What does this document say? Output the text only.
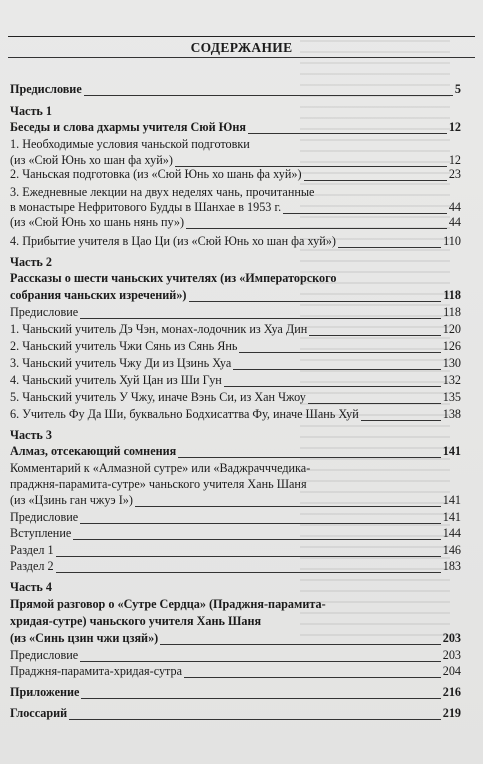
СОДЕРЖАНИЕ
Предисловие	5
Часть 1
Беседы и слова дхармы учителя Сюй Юня	12
1. Необходимые условия чаньской подготовки
(из «Сюй Юнь хо шан фа хуй»)	12
2. Чаньская подготовка (из «Сюй Юнь хо шань фа хуй»)	23
3. Ежедневные лекции на двух неделях чань, прочитанные
в монастыре Нефритового Будды в Шанхае в 1953 г.	44
(из «Сюй Юнь хо шань нянь пу»)	44
4. Прибытие учителя в Цао Ци (из «Сюй Юнь хо шан фа хуй»)	110
Часть 2
Рассказы о шести чаньских учителях (из «Императорского
собрания чаньских изречений»)	118
Предисловие	118
1. Чаньский учитель Дэ Чэн, монах-лодочник из Хуа Дин	120
2. Чаньский учитель Чжи Сянь из Сянь Янь	126
3. Чаньский учитель Чжу Ди из Цзинь Хуа	130
4. Чаньский учитель Хуй Цан из Ши Гун	132
5. Чаньский учитель У Чжу, иначе Вэнь Си, из Хан Чжоу	135
6. Учитель Фу Да Ши, буквально Бодхисаттва Фу, иначе Шань Хуй	138
Часть 3
Алмаз, отсекающий сомнения	141
Комментарий к «Алмазной сутре» или «Ваджрачччедика-
праджня-парамита-сутре» чаньского учителя Хань Шаня
(из «Цзинь ган чжуэ I»)	141
Предисловие	141
Вступление	144
Раздел 1	146
Раздел 2	183
Часть 4
Прямой разговор о «Сутре Сердца» (Праджня-парамита-
хридая-сутре) чаньского учителя Хань Шаня
(из «Синь цзин чжи цзяй»)	203
Предисловие	203
Праджня-парамита-хридая-сутра	204
Приложение	216
Глоссарий	219
